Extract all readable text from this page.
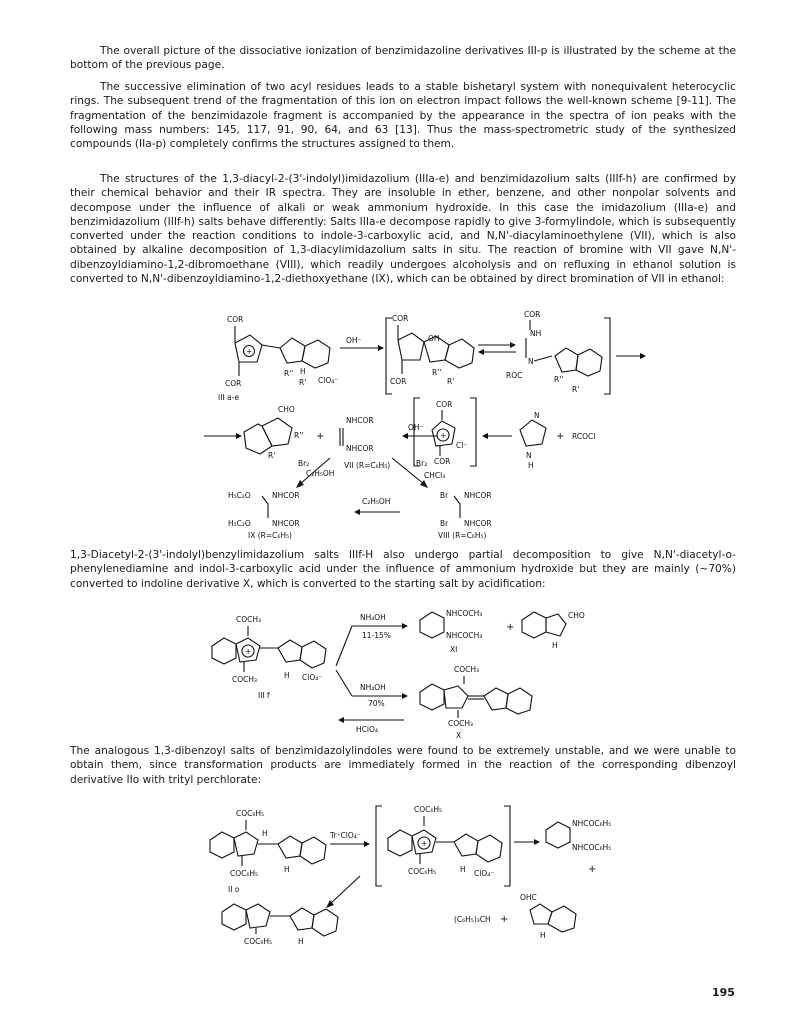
The overall picture of the dissociative ionization of benzimidazoline derivatives III-p is illustrated by the scheme at the bottom of the previous page.

The successive elimination of two acyl residues leads to a stable bishetaryl system with nonequivalent heterocyclic rings. The subsequent trend of the fragmentation of this ion on electron impact follows the well-known scheme [9-11]. The fragmentation of the benzimidazole fragment is accompanied by the appearance in the spectra of ion peaks with the following mass numbers: 145, 117, 91, 90, 64, and 63 [13]. Thus the mass-spectrometric study of the synthesized compounds (IIa-p) completely confirms the structures assigned to them.

The structures of the 1,3-diacyl-2-(3'-indolyl)imidazolium (IIIa-e) and benzimidazolium salts (IIIf-h) are confirmed by their chemical behavior and their IR spectra. They are insoluble in ether, benzene, and other nonpolar solvents and decompose under the influence of alkali or weak ammonium hydroxide. In this case the imidazolium (IIIa-e) and benzimidazolium (IIIf-h) salts behave differently: Salts IIIa-e decompose rapidly to give 3-formylindole, which is subsequently converted under the reaction conditions to indole-3-carboxylic acid, and N,N'-diacylaminoethylene (VII), which is also obtained by alkaline decomposition of 1,3-diacylimidazolium salts in situ. The reaction of bromine with VII gave N,N'-dibenzoyldiamino-1,2-dibromoethane (VIII), which readily undergoes alcoholysis and on refluxing in ethanol solution is converted to N,N'-dibenzoyldiamino-1,2-diethoxyethane (IX), which can be obtained by direct bromination of VII in ethanol:

+
COR
COR
R'' H
R' ClO₄⁻
III a-e
OH⁻
COR
COR
OH
R''
R'
COR
NH
N
ROC	R''
R'
CHO
R''
R'
+
NHCOR
NHCOR
OH⁻
COR
+
Cl⁻
COR
N
N
H
+ RCOCl
Br₂
C₂H₅OH
VII (R=C₆H₅)	Br₂
CHCl₃
H₅C₂O	NHCOR
H₅C₂O	NHCOR
IX (R=C₆H₅)
C₂H₅OH
Br NHCOR
Br NHCOR
VIII (R=C₆H₅)

1,3-Diacetyl-2-(3'-indolyl)benzylimidazolium salts IIIf-H also undergo partial decomposition to give N,N'-diacetyl-o-phenylenediamine and indol-3-carboxylic acid under the influence of ammonium hydroxide but they are mainly (~70%) converted to indoline derivative X, which is converted to the starting salt by acidification:

COCH₃
+
COCH₃	H ClO₄⁻
III f
NH₄OH
11-15%
NH₄OH
70%
HClO₄
NHCOCH₃
NHCOCH₃
XI
+
CHO
H
COCH₃
COCH₃
X

The analogous 1,3-dibenzoyl salts of benzimidazolylindoles were found to be extremely unstable, and we were unable to obtain them, since transformation products are immediately formed in the reaction of the corresponding dibenzoyl derivative IIo with trityl perchlorate:

COC₆H₅
H
COC₆H₅	H
II o
Tr⁺ClO₄⁻
COC₆H₅
+
COC₆H₅	H ClO₄⁻
NHCOC₆H₅
NHCOC₆H₅
+
COC₆H₅	H
(C₆H₅)₃CH +
OHC
H
195
